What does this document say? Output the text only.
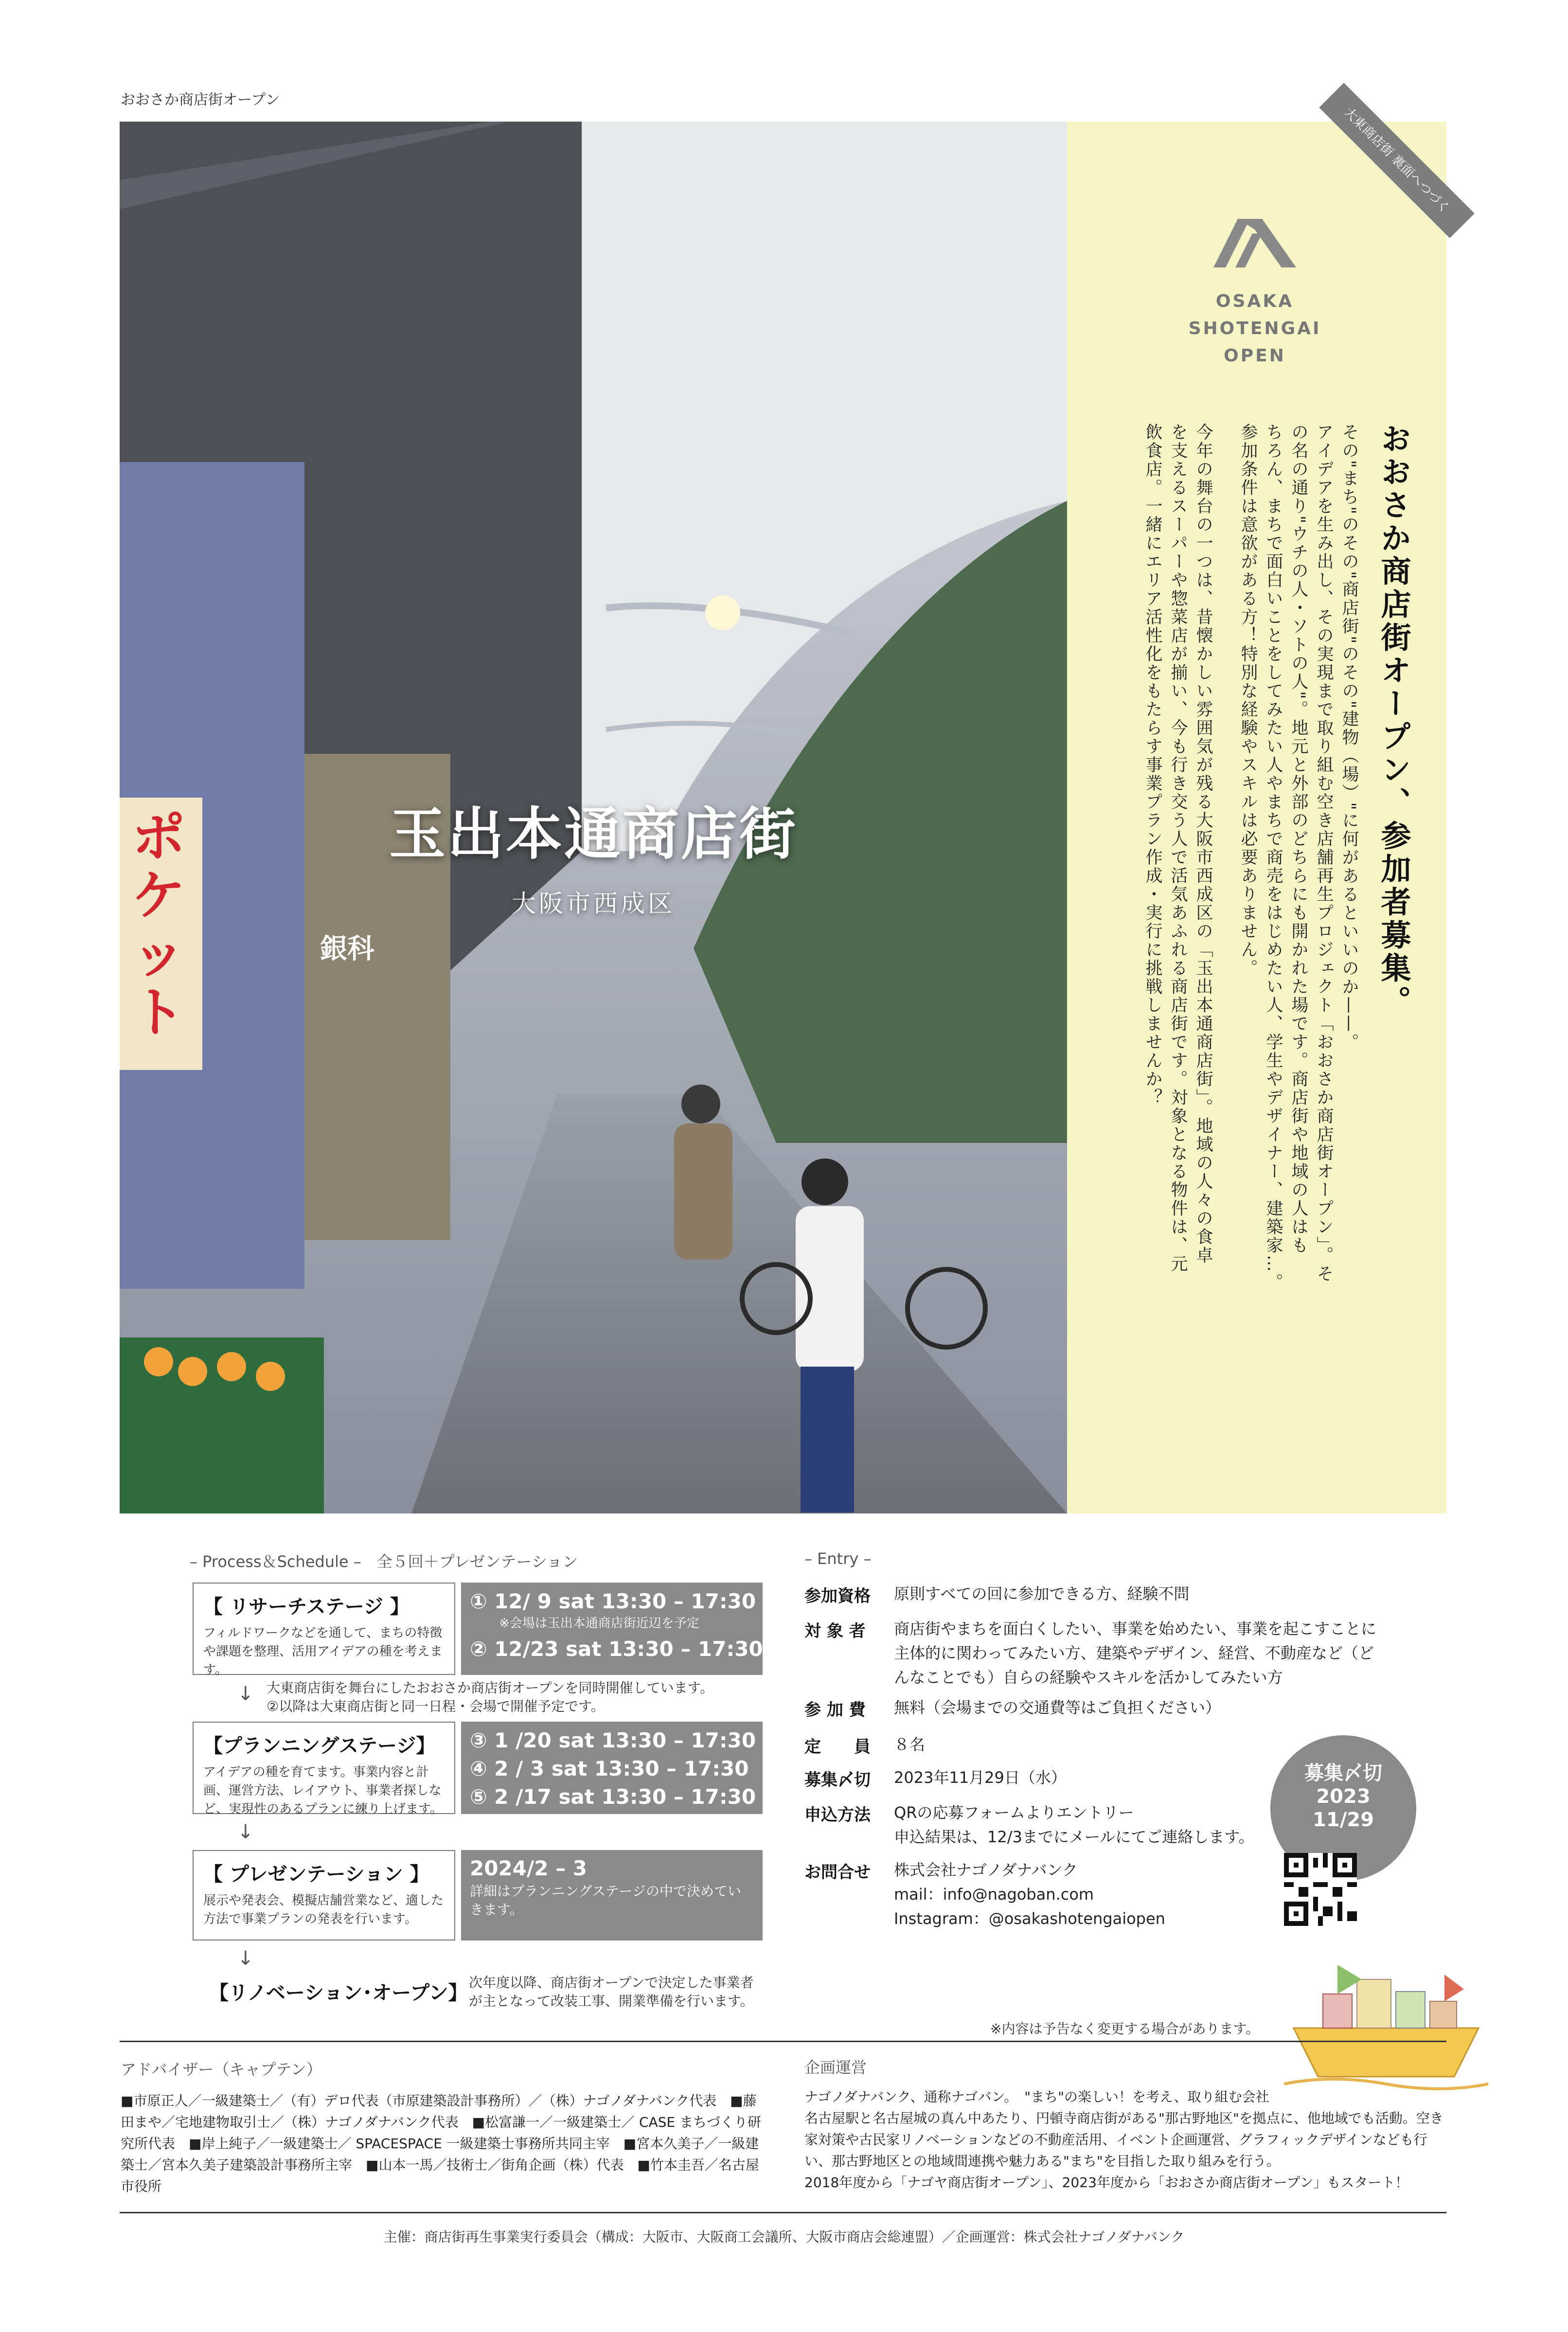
おおさか商店街オープン
ポ
ケ
ッ
ト
銀科
玉出本通商店街
大阪市西成区
大東商店街 裏面へつづく
OSAKA
SHOTENGAI
OPEN
おおさか商店街オープン、参加者募集。
その"まち"のその"商店街"のその"建物（場）"に何があるといいのか——。
アイデアを生み出し、その実現まで取り組む空き店舗再生プロジェクト「おおさか商店街オープン」。そ
の名の通り"ウチの人・ソトの人"。地元と外部のどちらにも開かれた場です。商店街や地域の人はも
ちろん、まちで面白いことをしてみたい人やまちで商売をはじめたい人、学生やデザイナー、建築家…。
参加条件は意欲がある方！特別な経験やスキルは必要ありません。
今年の舞台の一つは、昔懐かしい雰囲気が残る大阪市西成区の「玉出本通商店街」。地域の人々の食卓
を支えるスーパーや惣菜店が揃い、今も行き交う人で活気あふれる商店街です。対象となる物件は、元
飲食店。一緒にエリア活性化をもたらす事業プラン作成・実行に挑戦しませんか？
– Process＆Schedule –　全５回＋プレゼンテーション
【 リサーチステージ 】
フィルドワークなどを通して、まちの特徴や課題を整理、活用アイデアの種を考えます。
① 12/ 9 sat 13:30 – 17:30
※会場は玉出本通商店街近辺を予定
② 12/23 sat 13:30 – 17:30
↓ 大東商店街を舞台にしたおおさか商店街オープンを同時開催しています。
②以降は大東商店街と同一日程・会場で開催予定です。
【プランニングステージ】
アイデアの種を育てます。事業内容と計画、運営方法、レイアウト、事業者探しなど、実現性のあるプランに練り上げます。
③ 1 /20 sat 13:30 – 17:30
④ 2 / 3 sat 13:30 – 17:30
⑤ 2 /17 sat 13:30 – 17:30
↓
【 プレゼンテーション 】
展示や発表会、模擬店舗営業など、適した方法で事業プランの発表を行います。
2024/2 – 3
詳細はプランニングステージの中で決めていきます。
↓
【リノベーション･オープン】 次年度以降、商店街オープンで決定した事業者が主となって改装工事、開業準備を行います。
– Entry –
参加資格	原則すべての回に参加できる方、経験不問
対 象 者	商店街やまちを面白くしたい、事業を始めたい、事業を起こすことに主体的に関わってみたい方、建築やデザイン、経営、不動産など（どんなことでも）自らの経験やスキルを活かしてみたい方
参 加 費	無料（会場までの交通費等はご負担ください）
定　　員	８名
募集〆切	2023年11月29日（水）
申込方法	QRの応募フォームよりエントリー
申込結果は、12/3までにメールにてご連絡します。
お問合せ	株式会社ナゴノダナバンク
mail：info@nagoban.com
Instagram：@osakashotengaiopen
募集〆切
2023
11/29
※内容は予告なく変更する場合があります。
アドバイザー（キャプテン）
■市原正人／一級建築士／（有）デロ代表（市原建築設計事務所）／（株）ナゴノダナバンク代表　■藤田まや／宅地建物取引士／（株）ナゴノダナバンク代表　■松富謙一／一級建築士／ CASE まちづくり研究所代表　■岸上純子／一級建築士／ SPACESPACE 一級建築士事務所共同主宰　■宮本久美子／一級建築士／宮本久美子建築設計事務所主宰　■山本一馬／技術士／街角企画（株）代表　■竹本圭吾／名古屋市役所
企画運営
ナゴノダナバンク、通称ナゴバン。　"まち"の楽しい！を考え、取り組む会社
名古屋駅と名古屋城の真ん中あたり、円頓寺商店街がある"那古野地区"を拠点に、他地域でも活動。空き家対策や古民家リノベーションなどの不動産活用、イベント企画運営、グラフィックデザインなども行い、那古野地区との地域間連携や魅力ある"まち"を目指した取り組みを行う。
2018年度から「ナゴヤ商店街オープン」、2023年度から「おおさか商店街オープン」もスタート！
主催：商店街再生事業実行委員会（構成：大阪市、大阪商工会議所、大阪市商店会総連盟）／企画運営：株式会社ナゴノダナバンク
